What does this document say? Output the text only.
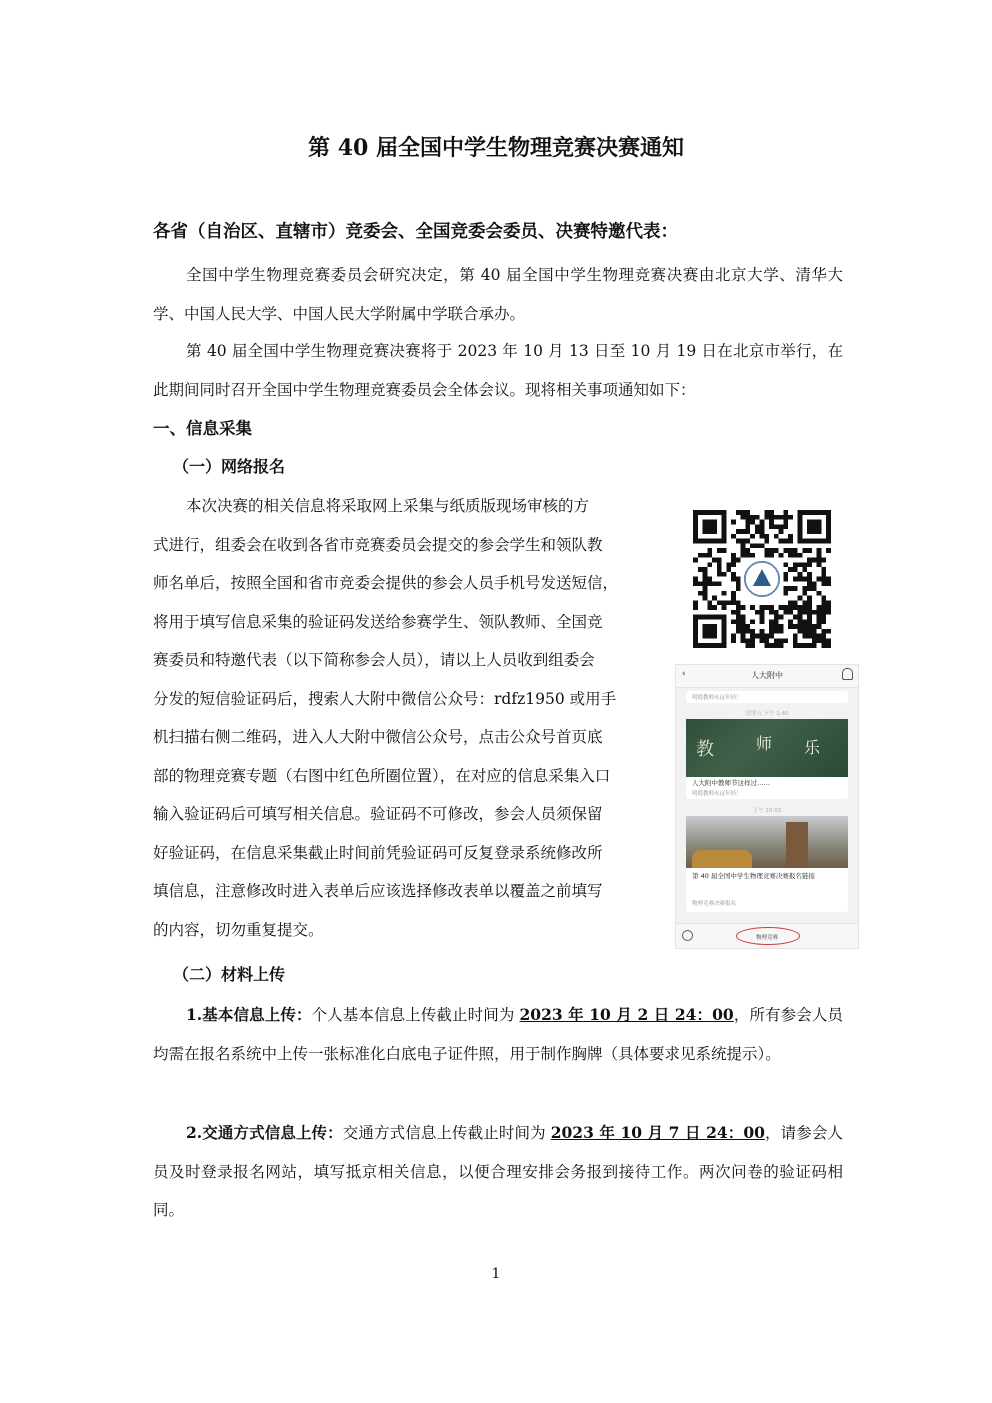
第 40 届全国中学生物理竞赛决赛通知
各省（自治区、直辖市）竞委会、全国竞委会委员、决赛特邀代表：
全国中学生物理竞赛委员会研究决定，第 40 届全国中学生物理竞赛决赛由北京大学、清华大学、中国人民大学、中国人民大学附属中学联合承办。
第 40 届全国中学生物理竞赛决赛将于 2023 年 10 月 13 日至 10 月 19 日在北京市举行，在此期间同时召开全国中学生物理竞赛委员会全体会议。现将相关事项通知如下：
一、信息采集
（一）网络报名
本次决赛的相关信息将采取网上采集与纸质版现场审核的方
式进行，组委会在收到各省市竞赛委员会提交的参会学生和领队教
师名单后，按照全国和省市竞委会提供的参会人员手机号发送短信，
将用于填写信息采集的验证码发送给参赛学生、领队教师、全国竞
赛委员和特邀代表（以下简称参会人员），请以上人员收到组委会
分发的短信验证码后，搜索人大附中微信公众号：rdfz1950 或用手
机扫描右侧二维码，进入人大附中微信公众号，点击公众号首页底
部的物理竞赛专题（右图中红色所圈位置），在对应的信息采集入口
输入验证码后可填写相关信息。验证码不可修改，参会人员须保留
好验证码，在信息采集截止时间前凭验证码可反复登录系统修改所
填信息，注意修改时进入表单后应该选择修改表单以覆盖之前填写
的内容，切勿重复提交。
‹	人大附中
明德教师永远年轻！
星期五 下午 1:40
教	师 乐
人大附中教师节这样过……
明德教师永远年轻！
上午 10:03
第 40 届全国中学生物理竞赛决赛报名链接
物理竞赛决赛报名
物理竞赛
（二）材料上传
1.基本信息上传：个人基本信息上传截止时间为 2023 年 10 月 2 日 24：00，所有参会人员均需在报名系统中上传一张标准化白底电子证件照，用于制作胸牌（具体要求见系统提示）。
2.交通方式信息上传：交通方式信息上传截止时间为 2023 年 10 月 7 日 24：00，请参会人员及时登录报名网站，填写抵京相关信息，以便合理安排会务报到接待工作。两次问卷的验证码相同。
1
